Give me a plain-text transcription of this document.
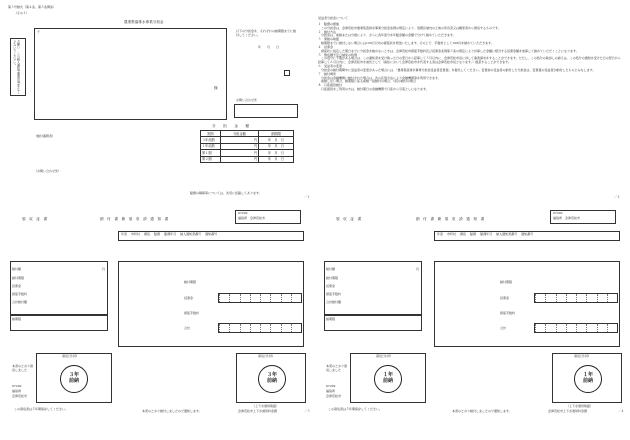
第３号様式（第４条、第５条関係）
（その１）
農業集落排水事業分担金
〒
様
お願い　この納入通知書兼領収書をなくさないでください。
以下の分担金を、それぞれの納期限までに納付してください。
年　　月　　日
お問い合わせ先
（納付義務者）
（お問い合わせ先）
分　担　金　額
期別	分担金額	納期限
３年前納	円	年　月　日
１年前納	円	年　月　日
第１期	円	年　月　日
第２期	円	年　月　日
賦課の積算等については、次頁に記載してあります。
／１
受益者分担金について
１　賦課の根拠
　この分担金は、会津若松市農業集落排水事業分担金条例の規定により、処理区域内の土地の所有者又は権原者から徴収するものです。
２　納付方法
　分担金は、前納または分割により、さらに各年度分を年賦金額の金額で分けて納めていただきます。
３　滞納の取扱
　納期限までに納付しない場合には120日以内の督促状を発送いたします。その上で、手数料として100円を納めていただきます。
４　延滞金
　督促状に指定した期日までに分担金を納めないときは、会津若松市督促手数料及び延滞金条例第３条の規定により計算した金額に相当する延滞金額を加算して納めていただくことになります。
５　徴収猶予及び減免の特例
　この処分に不服がある場合は、この通知書を受け取った日の翌日から起算して３月以内に、会津若松市長に対して審査請求をすることができます。ただし、この処分の取消しの訴えは、この処分の通知を受けた日の翌日から起算して６月以内に、会津若松市を被告として（訴訟において会津若松市を代表する者は会津若松市長となります。）提起することができます。
６　受益者の変更
　分担金の納付期間中に受益者の変更があった場合には、「農業集落排水事業分担金受益者変更届」を提出してください。変更前の受益者の納付した分担金は、変更後の受益者が納付したものとみなします。
７　納付場所
　分担金は金融機関に納付された場合は、次の区別方法により金融機関等を利用できます。
　前納しない場合、納期限に係る前納一括納付の場合、1回の納付の場合
８　口座振替納付
　口座振替をご利用の方は、納付期日の金融機関で口座から引落としになります。
／２
領　収　証　書	納　付　書　兼　領　収　済　通　知　書
07202
福島県　会津若松市
年度 市町村 課設 賦課 賦課年月 納入通知書番号 通知番号
納付額
納付期限
延滞金
督促手数料
合計納付額
納期限
円
納付期限
延滞金
督促手数料
合計
領収日付印
３年
前納
領収日付印
３年
前納
本書のとおり領収しました
07202
福島県
会津若松市
この領収書は５年間保存してください。	本書のとおり納付しましたので通知します。
（上下水道局取扱）
会津若松市上下水道局料金課	／３
領　収　証　書	納　付　書　兼　領　収　済　通　知　書
07202
福島県　会津若松市
年度 市町村 課設 賦課 賦課年月 納入通知書番号 通知番号
納付額
納付期限
延滞金
督促手数料
合計納付額
納期限
円
納付期限
延滞金
督促手数料
合計
領収日付印
１年
前納
領収日付印
１年
前納
本書のとおり領収しました
07202
福島県
会津若松市
この領収書は５年間保存してください。	本書のとおり納付しましたので通知します。
（上下水道局取扱）
会津若松市上下水道局料金課	／４
